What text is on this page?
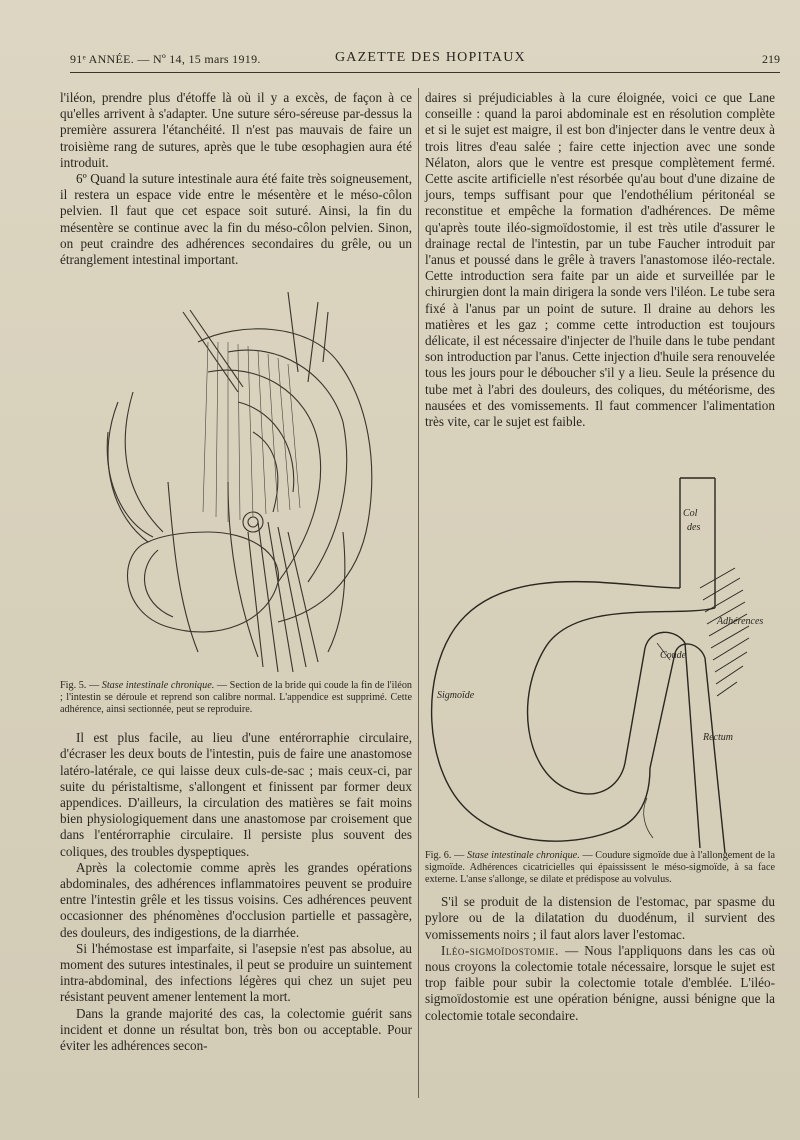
91ᵉ ANNÉE. — Nº 14, 15 mars 1919.	GAZETTE DES HOPITAUX	219

l'iléon, prendre plus d'étoffe là où il y a excès, de façon à ce qu'elles arrivent à s'adapter. Une suture séro-séreuse par-dessus la première assurera l'étanchéité. Il n'est pas mauvais de faire un troisième rang de sutures, après que le tube œsophagien aura été introduit.

6º Quand la suture intestinale aura été faite très soigneusement, il restera un espace vide entre le mésentère et le méso-côlon pelvien. Il faut que cet espace soit suturé. Ainsi, la fin du mésentère se continue avec la fin du méso-côlon pelvien. Sinon, on peut craindre des adhérences secondaires du grêle, ou un étranglement intestinal important.

Fig. 5. — Stase intestinale chronique. — Section de la bride qui coude la fin de l'iléon ; l'intestin se déroule et reprend son calibre normal. L'appendice est supprimé. Cette adhérence, ainsi sectionnée, peut se reproduire.

Il est plus facile, au lieu d'une entérorraphie circulaire, d'écraser les deux bouts de l'intestin, puis de faire une anastomose latéro-latérale, ce qui laisse deux culs-de-sac ; mais ceux-ci, par suite du péristaltisme, s'allongent et finissent par former deux appendices. D'ailleurs, la circulation des matières se fait moins bien physiologiquement dans une anastomose par croisement que dans l'entérorraphie circulaire. Il persiste plus souvent des coliques, des troubles dyspeptiques.

Après la colectomie comme après les grandes opérations abdominales, des adhérences inflammatoires peuvent se produire entre l'intestin grêle et les tissus voisins. Ces adhérences peuvent occasionner des phénomènes d'occlusion partielle et passagère, des douleurs, des indigestions, de la diarrhée.

Si l'hémostase est imparfaite, si l'asepsie n'est pas absolue, au moment des sutures intestinales, il peut se produire un suintement intra-abdominal, des infections légères qui chez un sujet peu résistant peuvent amener lentement la mort.

Dans la grande majorité des cas, la colectomie guérit sans incident et donne un résultat bon, très bon ou acceptable. Pour éviter les adhérences secon-

daires si préjudiciables à la cure éloignée, voici ce que Lane conseille : quand la paroi abdominale est en résolution complète et si le sujet est maigre, il est bon d'injecter dans le ventre deux à trois litres d'eau salée ; faire cette injection avec une sonde Nélaton, alors que le ventre est presque complètement fermé. Cette ascite artificielle n'est résorbée qu'au bout d'une dizaine de jours, temps suffisant pour que l'endothélium péritonéal se reconstitue et empêche la formation d'adhérences. De même qu'après toute iléo-sigmoïdostomie, il est très utile d'assurer le drainage rectal de l'intestin, par un tube Faucher introduit par l'anus et poussé dans le grêle à travers l'anastomose iléo-rectale. Cette introduction sera faite par un aide et surveillée par le chirurgien dont la main dirigera la sonde vers l'iléon. Le tube sera fixé à l'anus par un point de suture. Il draine au dehors les matières et les gaz ; comme cette introduction est toujours délicate, il est nécessaire d'injecter de l'huile dans le tube pendant son introduction par l'anus. Cette injection d'huile sera renouvelée tous les jours pour le déboucher s'il y a lieu. Seule la présence du tube met à l'abri des douleurs, des coliques, du météorisme, des nausées et des vomissements. Il faut commencer l'alimentation très vite, car le sujet est faible.

Fig. 6. — Stase intestinale chronique. — Coudure sigmoïde due à l'allongement de la sigmoïde. Adhérences cicatricielles qui épaississent le méso-sigmoïde, à sa face externe. L'anse s'allonge, se dilate et prédispose au volvulus.

S'il se produit de la distension de l'estomac, par spasme du pylore ou de la dilatation du duodénum, il survient des vomissements noirs ; il faut alors laver l'estomac.

Iléo-sigmoïdostomie. — Nous l'appliquons dans les cas où nous croyons la colectomie totale nécessaire, lorsque le sujet est trop faible pour subir la colectomie totale d'emblée. L'iléo-sigmoïdostomie est une opération bénigne, aussi bénigne que la colectomie totale secondaire.

Col
des
Adhérences
Coude
Sigmoïde
Rectum
